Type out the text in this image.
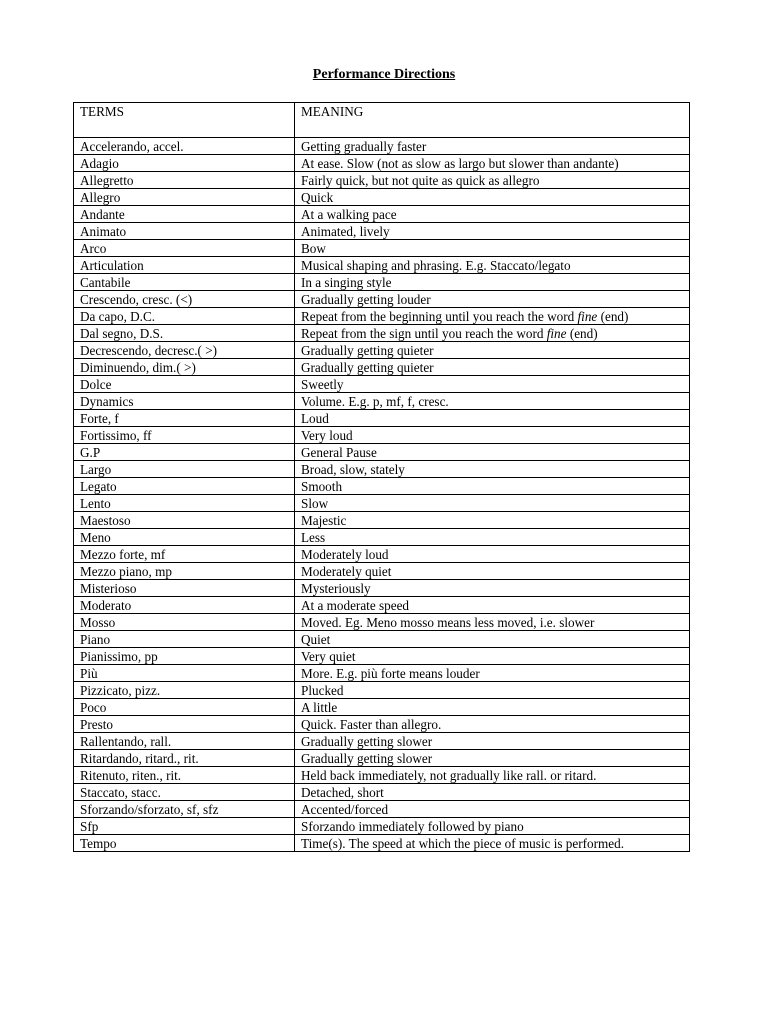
Performance Directions
TERMS	MEANING
Accelerando, accel.	Getting gradually faster
Adagio	At ease. Slow (not as slow as largo but slower than andante)
Allegretto	Fairly quick, but not quite as quick as allegro
Allegro	Quick
Andante	At a walking pace
Animato	Animated, lively
Arco	Bow
Articulation	Musical shaping and phrasing. E.g. Staccato/legato
Cantabile	In a singing style
Crescendo, cresc. (<)	Gradually getting louder
Da capo, D.C.	Repeat from the beginning until you reach the word fine (end)
Dal segno, D.S.	Repeat from the sign until you reach the word fine (end)
Decrescendo, decresc.( >)	Gradually getting quieter
Diminuendo, dim.( >)	Gradually getting quieter
Dolce	Sweetly
Dynamics	Volume. E.g. p, mf, f, cresc.
Forte, f	Loud
Fortissimo, ff	Very loud
G.P	General Pause
Largo	Broad, slow, stately
Legato	Smooth
Lento	Slow
Maestoso	Majestic
Meno	Less
Mezzo forte, mf	Moderately loud
Mezzo piano, mp	Moderately quiet
Misterioso	Mysteriously
Moderato	At a moderate speed
Mosso	Moved. Eg. Meno mosso means less moved, i.e. slower
Piano	Quiet
Pianissimo, pp	Very quiet
Più	More. E.g. più forte means louder
Pizzicato, pizz.	Plucked
Poco	A little
Presto	Quick. Faster than allegro.
Rallentando, rall.	Gradually getting slower
Ritardando, ritard., rit.	Gradually getting slower
Ritenuto, riten., rit.	Held back immediately, not gradually like rall. or ritard.
Staccato, stacc.	Detached, short
Sforzando/sforzato, sf, sfz	Accented/forced
Sfp	Sforzando immediately followed by piano
Tempo	Time(s). The speed at which the piece of music is performed.
